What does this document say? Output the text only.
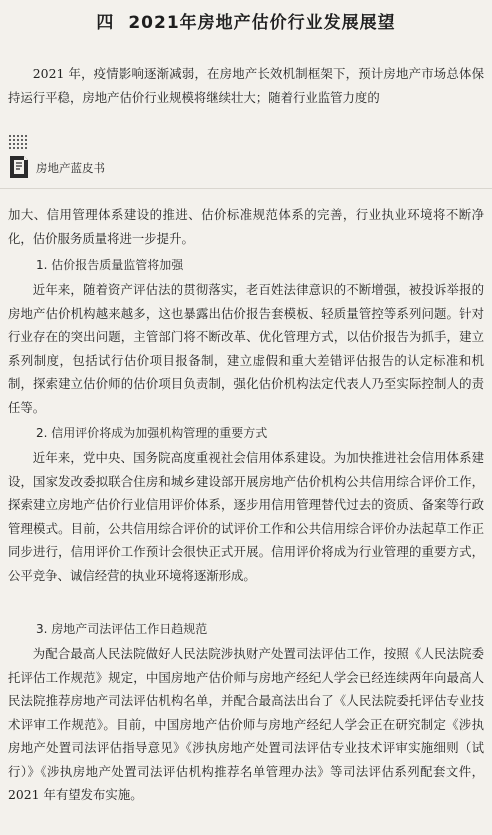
四 2021年房地产估价行业发展展望

2021 年，疫情影响逐渐减弱，在房地产长效机制框架下，预计房地产市场总体保持运行平稳，房地产估价行业规模将继续壮大；随着行业监管力度的

房地产蓝皮书

加大、信用管理体系建设的推进、估价标准规范体系的完善，行业执业环境将不断净化，估价服务质量将进一步提升。

1. 估价报告质量监管将加强

近年来，随着资产评估法的贯彻落实，老百姓法律意识的不断增强，被投诉举报的房地产估价机构越来越多，这也暴露出估价报告套模板、轻质量管控等系列问题。针对行业存在的突出问题，主管部门将不断改革、优化管理方式，以估价报告为抓手，建立系列制度，包括试行估价项目报备制，建立虚假和重大差错评估报告的认定标准和机制，探索建立估价师的估价项目负责制，强化估价机构法定代表人乃至实际控制人的责任等。

2. 信用评价将成为加强机构管理的重要方式

近年来，党中央、国务院高度重视社会信用体系建设。为加快推进社会信用体系建设，国家发改委拟联合住房和城乡建设部开展房地产估价机构公共信用综合评价工作，探索建立房地产估价行业信用评价体系，逐步用信用管理替代过去的资质、备案等行政管理模式。目前，公共信用综合评价的试评价工作和公共信用综合评价办法起草工作正同步进行，信用评价工作预计会很快正式开展。信用评价将成为行业管理的重要方式，公平竞争、诚信经营的执业环境将逐渐形成。

3. 房地产司法评估工作日趋规范

为配合最高人民法院做好人民法院涉执财产处置司法评估工作，按照《人民法院委托评估工作规范》规定，中国房地产估价师与房地产经纪人学会已经连续两年向最高人民法院推荐房地产司法评估机构名单，并配合最高法出台了《人民法院委托评估专业技术评审工作规范》。目前，中国房地产估价师与房地产经纪人学会正在研究制定《涉执房地产处置司法评估指导意见》《涉执房地产处置司法评估专业技术评审实施细则（试行）》《涉执房地产处置司法评估机构推荐名单管理办法》等司法评估系列配套文件，2021 年有望发布实施。
